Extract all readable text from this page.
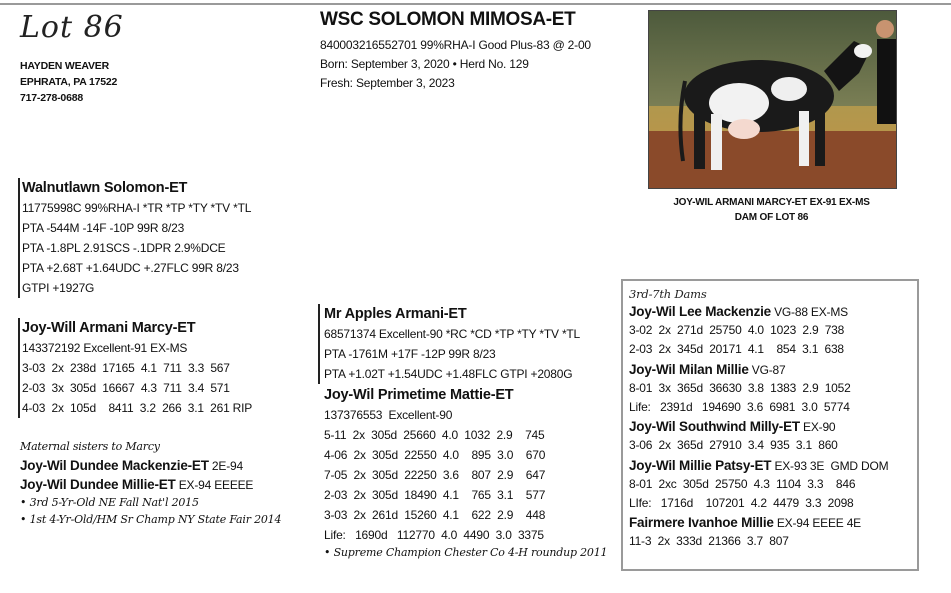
Lot 86
HAYDEN WEAVER
EPHRATA, PA 17522
717-278-0688
WSC SOLOMON MIMOSA-ET
840003216552701 99%RHA-I Good Plus-83 @ 2-00
Born: September 3, 2020 • Herd No. 129
Fresh: September 3, 2023
JOY-WIL ARMANI MARCY-ET EX-91 EX-MS
DAM OF LOT 86
Walnutlawn Solomon-ET
11775998C 99%RHA-I *TR *TP *TY *TV *TL
PTA -544M -14F -10P 99R 8/23
PTA -1.8PL 2.91SCS -.1DPR 2.9%DCE
PTA +2.68T +1.64UDC +.27FLC 99R 8/23
GTPI +1927G
Joy-Will Armani Marcy-ET
143372192 Excellent-91 EX-MS
3-03  2x  238d  17165  4.1  711  3.3  567
2-03  3x  305d  16667  4.3  711  3.4  571
4-03  2x  105d    8411  3.2  266  3.1  261 RIP
Maternal sisters to Marcy
Joy-Wil Dundee Mackenzie-ET 2E-94
Joy-Wil Dundee Millie-ET EX-94 EEEEE
• 3rd 5-Yr-Old NE Fall Nat'l 2015
• 1st 4-Yr-Old/HM Sr Champ NY State Fair 2014
Mr Apples Armani-ET
68571374 Excellent-90 *RC *CD *TP *TY *TV *TL
PTA -1761M +17F -12P 99R 8/23
PTA +1.02T +1.54UDC +1.48FLC GTPI +2080G
Joy-Wil Primetime Mattie-ET
137376553  Excellent-90
5-11  2x  305d  25660  4.0  1032  2.9    745
4-06  2x  305d  22550  4.0    895  3.0    670
7-05  2x  305d  22250  3.6    807  2.9    647
2-03  2x  305d  18490  4.1    765  3.1    577
3-03  2x  261d  15260  4.1    622  2.9    448
Life:   1690d   112770  4.0  4490  3.0  3375
• Supreme Champion Chester Co 4-H roundup 2011
3rd-7th Dams
Joy-Wil Lee Mackenzie VG-88 EX-MS
3-02  2x  271d  25750  4.0  1023  2.9  738
2-03  2x  345d  20171  4.1    854  3.1  638
Joy-Wil Milan Millie VG-87
8-01  3x  365d  36630  3.8  1383  2.9  1052
Life:   2391d   194690  3.6  6981  3.0  5774
Joy-Wil Southwind Milly-ET EX-90
3-06  2x  365d  27910  3.4  935  3.1  860
Joy-Wil Millie Patsy-ET EX-93 3E  GMD DOM
8-01  2xc  305d  25750  4.3  1104  3.3    846
LIfe:   1716d    107201  4.2  4479  3.3  2098
Fairmere Ivanhoe Millie EX-94 EEEE 4E
11-3  2x  333d  21366  3.7  807
